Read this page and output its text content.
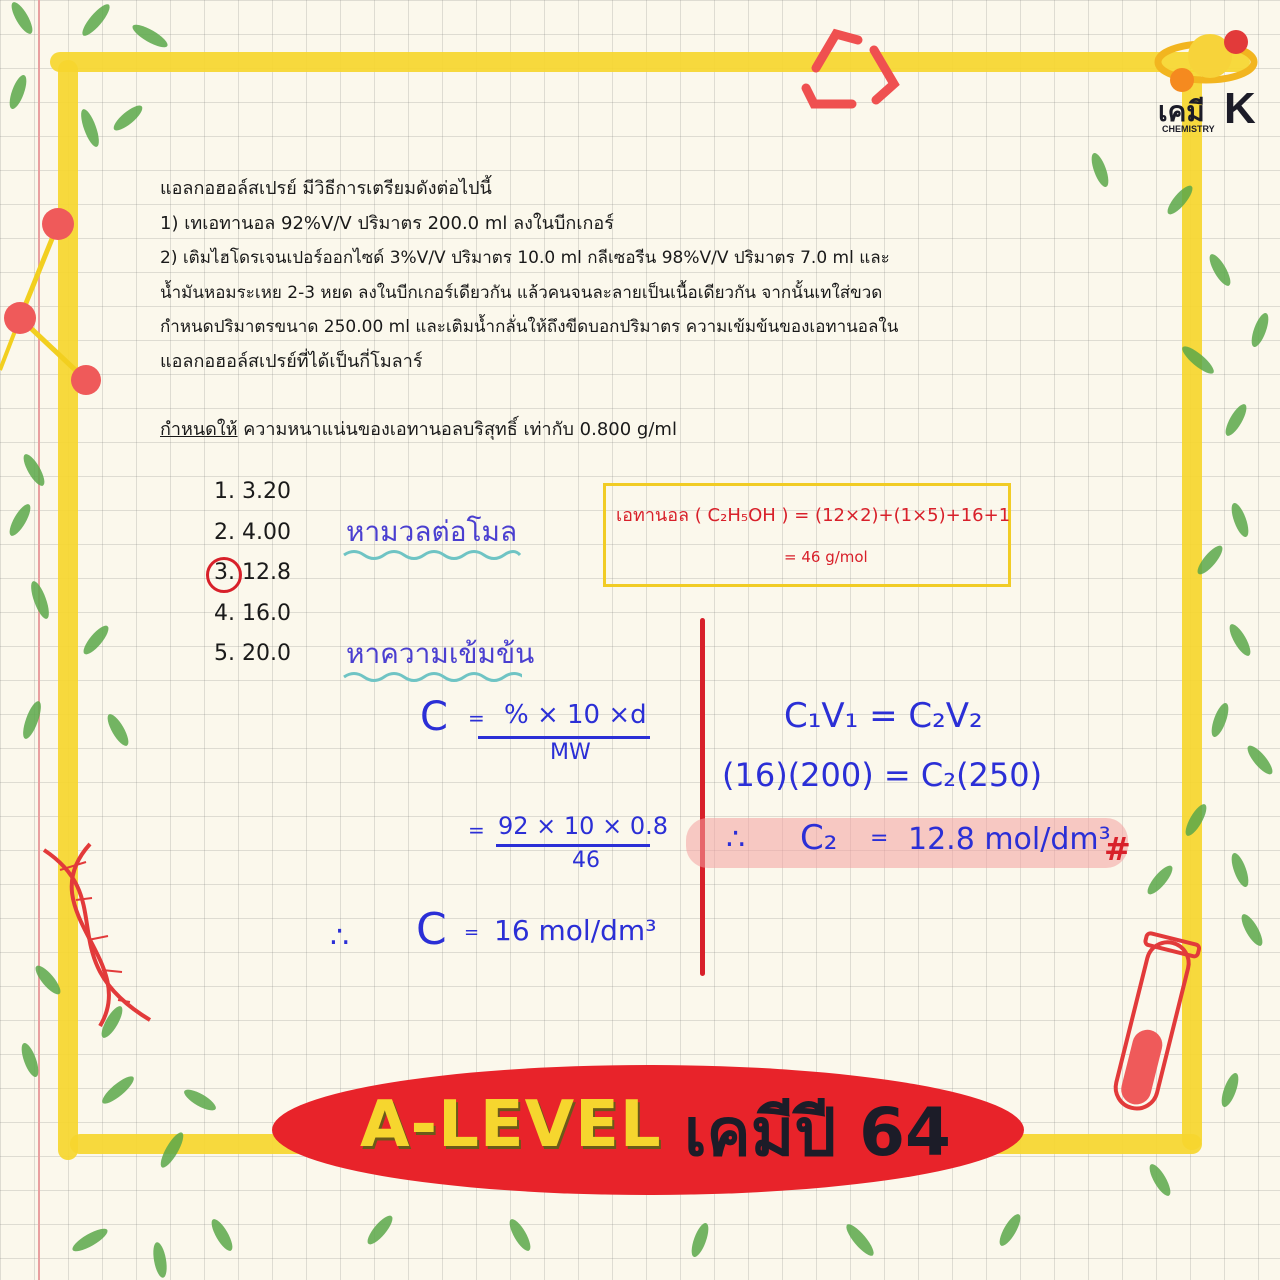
เคมี K
CHEMISTRY
แอลกอฮอล์สเปรย์ มีวิธีการเตรียมดังต่อไปนี้
1) เทเอทานอล 92%V/V ปริมาตร 200.0 ml ลงในบีกเกอร์
2) เติมไฮโดรเจนเปอร์ออกไซด์ 3%V/V ปริมาตร 10.0 ml กลีเซอรีน 98%V/V ปริมาตร 7.0 ml และ
น้ำมันหอมระเหย 2-3 หยด ลงในบีกเกอร์เดียวกัน แล้วคนจนละลายเป็นเนื้อเดียวกัน จากนั้นเทใส่ขวด
กำหนดปริมาตรขนาด 250.00 ml และเติมน้ำกลั่นให้ถึงขีดบอกปริมาตร ความเข้มข้นของเอทานอลใน
แอลกอฮอล์สเปรย์ที่ได้เป็นกี่โมลาร์
กำหนดให้ ความหนาแน่นของเอทานอลบริสุทธิ์ เท่ากับ 0.800 g/ml
1. 3.20
2. 4.00
3. 12.8
4. 16.0
5. 20.0
หามวลต่อโมล
หาความเข้มข้น
เอทานอล ( C₂H₅OH ) = (12×2)+(1×5)+16+1
= 46 g/mol
C = % × 10 ×d
MW
= 92 × 10 × 0.8
46
∴ C = 16 mol/dm³
C₁V₁ = C₂V₂
(16)(200) = C₂(250)
∴ C₂ = 12.8 mol/dm³
#
A-LEVEL เคมีปี 64
